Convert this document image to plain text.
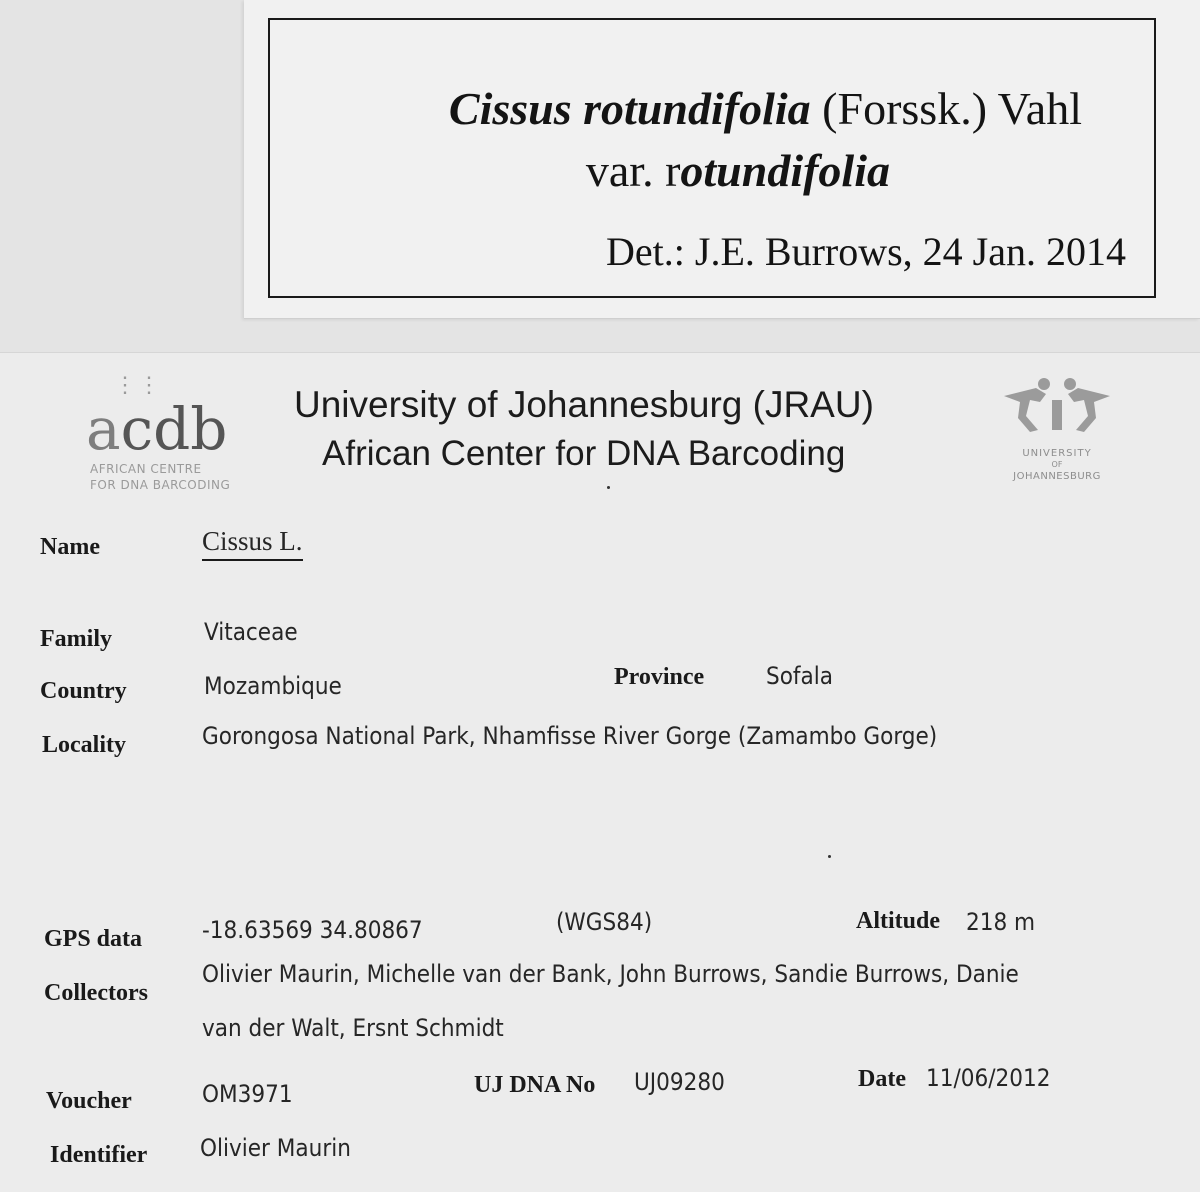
Cissus rotundifolia (Forssk.) Vahl
var. rotundifolia
Det.: J.E. Burrows, 24 Jan. 2014
⋮⋮
acdb
AFRICAN CENTRE
FOR DNA BARCODING
University of Johannesburg (JRAU)
African Center for DNA Barcoding	UNIVERSITY
OF
JOHANNESBURG
Name	Cissus L.
Family	Vitaceae
Country	Mozambique	Province	Sofala
Locality	Gorongosa National Park, Nhamfisse River Gorge (Zamambo Gorge)
GPS data -18.63569 34.80867	(WGS84)	Altitude 218 m
Collectors
Olivier Maurin, Michelle van der Bank, John Burrows, Sandie Burrows, Danie
van der Walt, Ersnt Schmidt
Voucher	OM3971	UJ DNA No UJ09280	Date 11/06/2012
Identifier Olivier Maurin
